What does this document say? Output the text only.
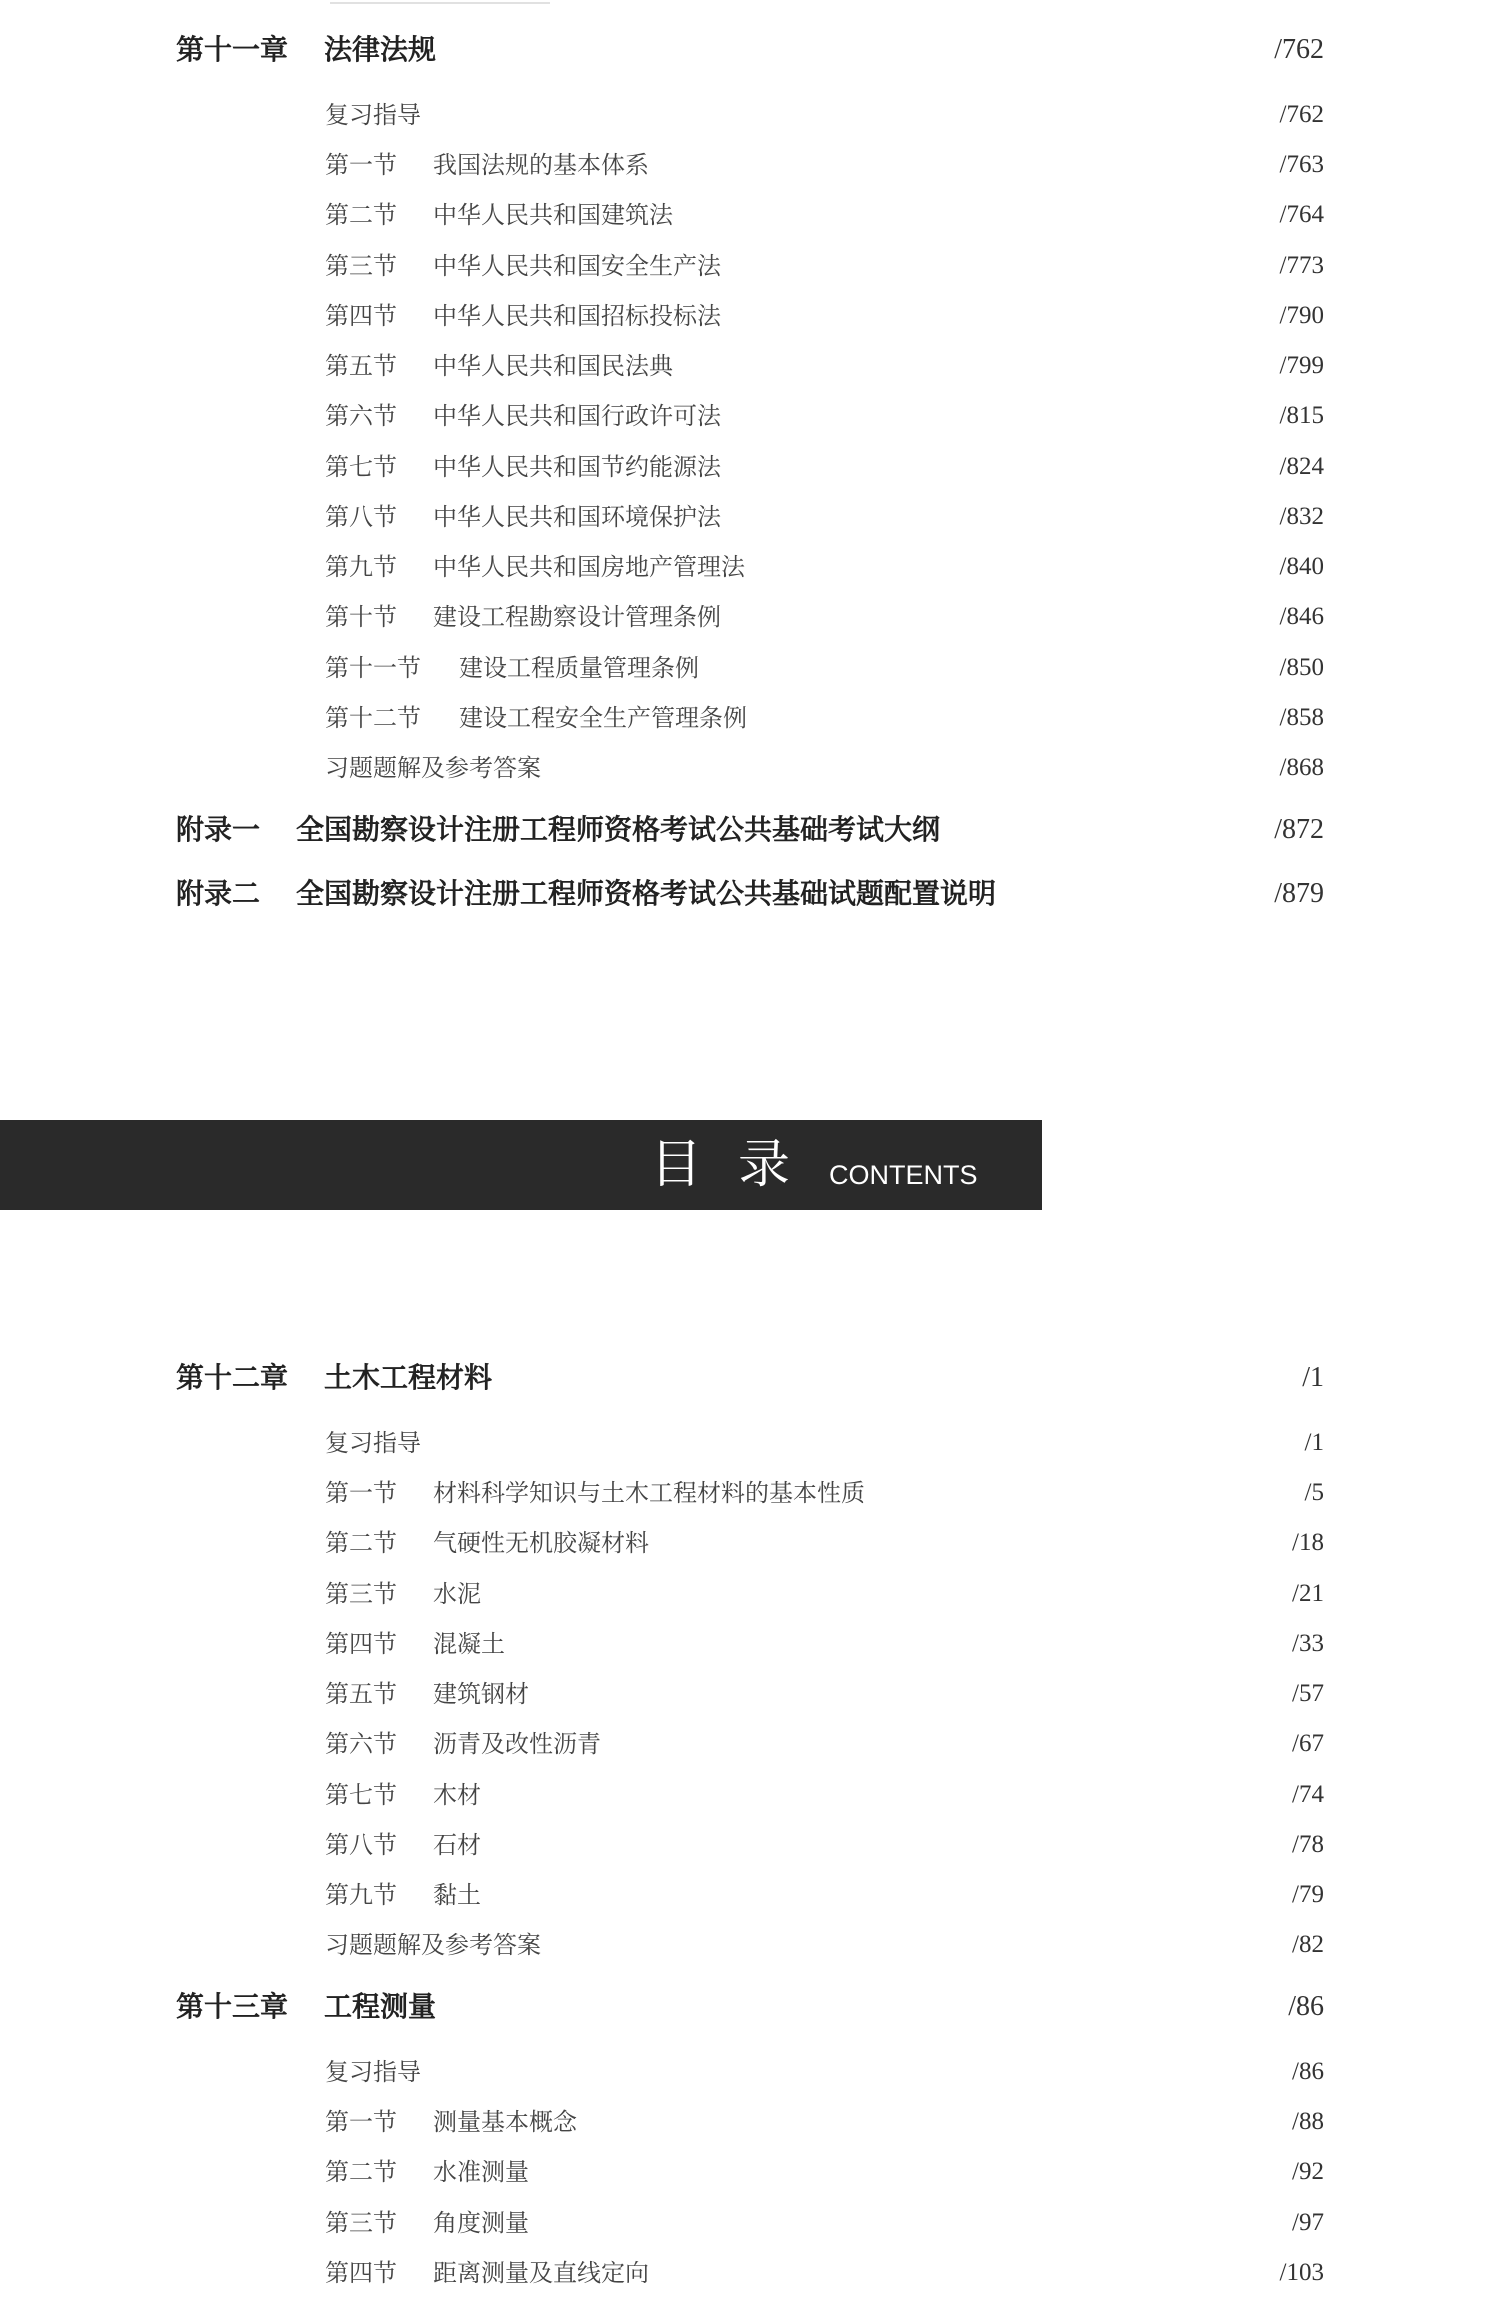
第十一章 法律法规	/762
复习指导	/762
第一节 我国法规的基本体系	/763
第二节 中华人民共和国建筑法	/764
第三节 中华人民共和国安全生产法	/773
第四节 中华人民共和国招标投标法	/790
第五节 中华人民共和国民法典	/799
第六节 中华人民共和国行政许可法	/815
第七节 中华人民共和国节约能源法	/824
第八节 中华人民共和国环境保护法	/832
第九节 中华人民共和国房地产管理法	/840
第十节 建设工程勘察设计管理条例	/846
第十一节 建设工程质量管理条例	/850
第十二节 建设工程安全生产管理条例	/858
习题题解及参考答案	/868
附录一 全国勘察设计注册工程师资格考试公共基础考试大纲	/872
附录二 全国勘察设计注册工程师资格考试公共基础试题配置说明	/879
目录 CONTENTS
第十二章 土木工程材料	/1
复习指导	/1
第一节 材料科学知识与土木工程材料的基本性质	/5
第二节 气硬性无机胶凝材料	/18
第三节 水泥	/21
第四节 混凝土	/33
第五节 建筑钢材	/57
第六节 沥青及改性沥青	/67
第七节 木材	/74
第八节 石材	/78
第九节 黏土	/79
习题题解及参考答案	/82
第十三章 工程测量	/86
复习指导	/86
第一节 测量基本概念	/88
第二节 水准测量	/92
第三节 角度测量	/97
第四节 距离测量及直线定向	/103
